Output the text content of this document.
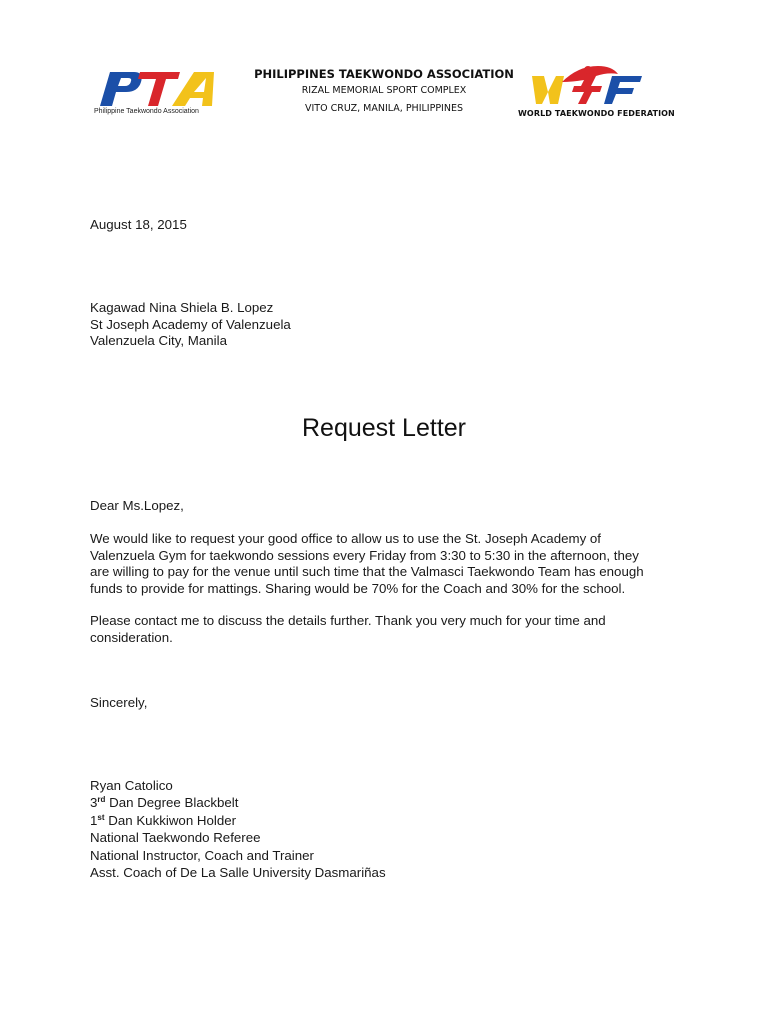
Philippine Taekwondo Association
PHILIPPINES TAEKWONDO ASSOCIATION
RIZAL MEMORIAL SPORT COMPLEX
VITO CRUZ, MANILA, PHILIPPINES	WORLD TAEKWONDO FEDERATION
August 18, 2015
Kagawad Nina Shiela B. Lopez
St Joseph Academy of Valenzuela
Valenzuela City, Manila
Request Letter
Dear Ms.Lopez,
We would like to request your good office to allow us to use the St. Joseph Academy of
Valenzuela Gym for taekwondo sessions every Friday from 3:30 to 5:30 in the afternoon, they
are willing to pay for the venue until such time that the Valmasci Taekwondo Team has enough
funds to provide for mattings. Sharing would be 70% for the Coach and 30% for the school.
Please contact me to discuss the details further. Thank you very much for your time and
consideration.
Sincerely,
Ryan Catolico
3rd Dan Degree Blackbelt
1st Dan Kukkiwon Holder
National Taekwondo Referee
National Instructor, Coach and Trainer
Asst. Coach of De La Salle University Dasmariñas
